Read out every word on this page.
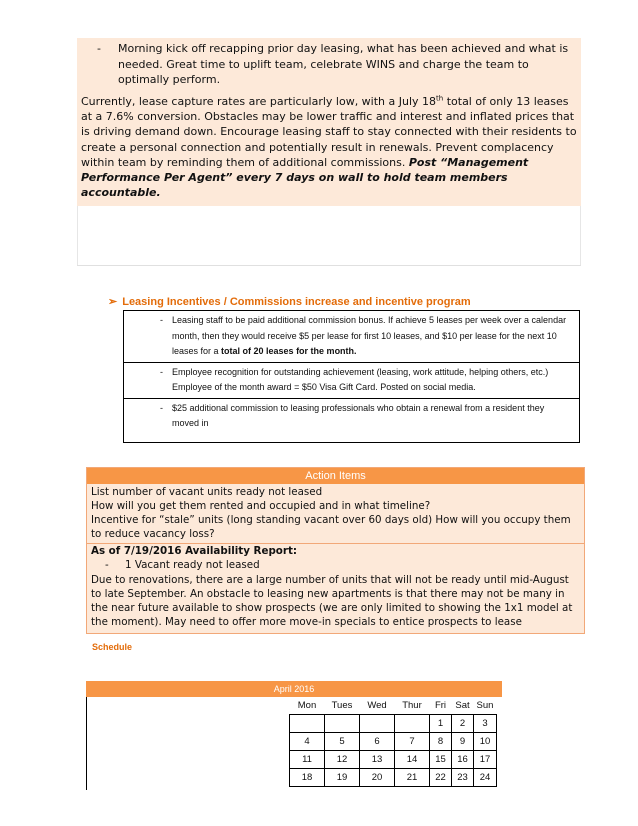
- Morning kick off recapping prior day leasing, what has been achieved and what is needed. Great time to uplift team, celebrate WINS and charge the team to optimally perform.
Currently, lease capture rates are particularly low, with a July 18th total of only 13 leases at a 7.6% conversion. Obstacles may be lower traffic and interest and inflated prices that is driving demand down. Encourage leasing staff to stay connected with their residents to create a personal connection and potentially result in renewals. Prevent complacency within team by reminding them of additional commissions. Post “Management Performance Per Agent” every 7 days on wall to hold team members accountable.
➢ Leasing Incentives / Commissions increase and incentive program
- Leasing staff to be paid additional commission bonus. If achieve 5 leases per week over a calendar month, then they would receive $5 per lease for first 10 leases, and $10 per lease for the next 10 leases for a total of 20 leases for the month.

- Employee recognition for outstanding achievement (leasing, work attitude, helping others, etc.) Employee of the month award = $50 Visa Gift Card. Posted on social media.

- $25 additional commission to leasing professionals who obtain a renewal from a resident they moved in
Action Items
List number of vacant units ready not leased
How will you get them rented and occupied and in what timeline?
Incentive for “stale” units (long standing vacant over 60 days old) How will you occupy them to reduce vacancy loss?
As of 7/19/2016 Availability Report:
- 1 Vacant ready not leased
Due to renovations, there are a large number of units that will not be ready until mid-August to late September. An obstacle to leasing new apartments is that there may not be many in the near future available to show prospects (we are only limited to showing the 1x1 model at the moment). May need to offer more move-in specials to entice prospects to lease
Schedule
April 2016
Mon	Tues	Wed	Thur	Fri	Sat	Sun
				1	2	3
4	5	6	7	8	9	10
11	12	13	14	15	16	17
18	19	20	21	22	23	24
